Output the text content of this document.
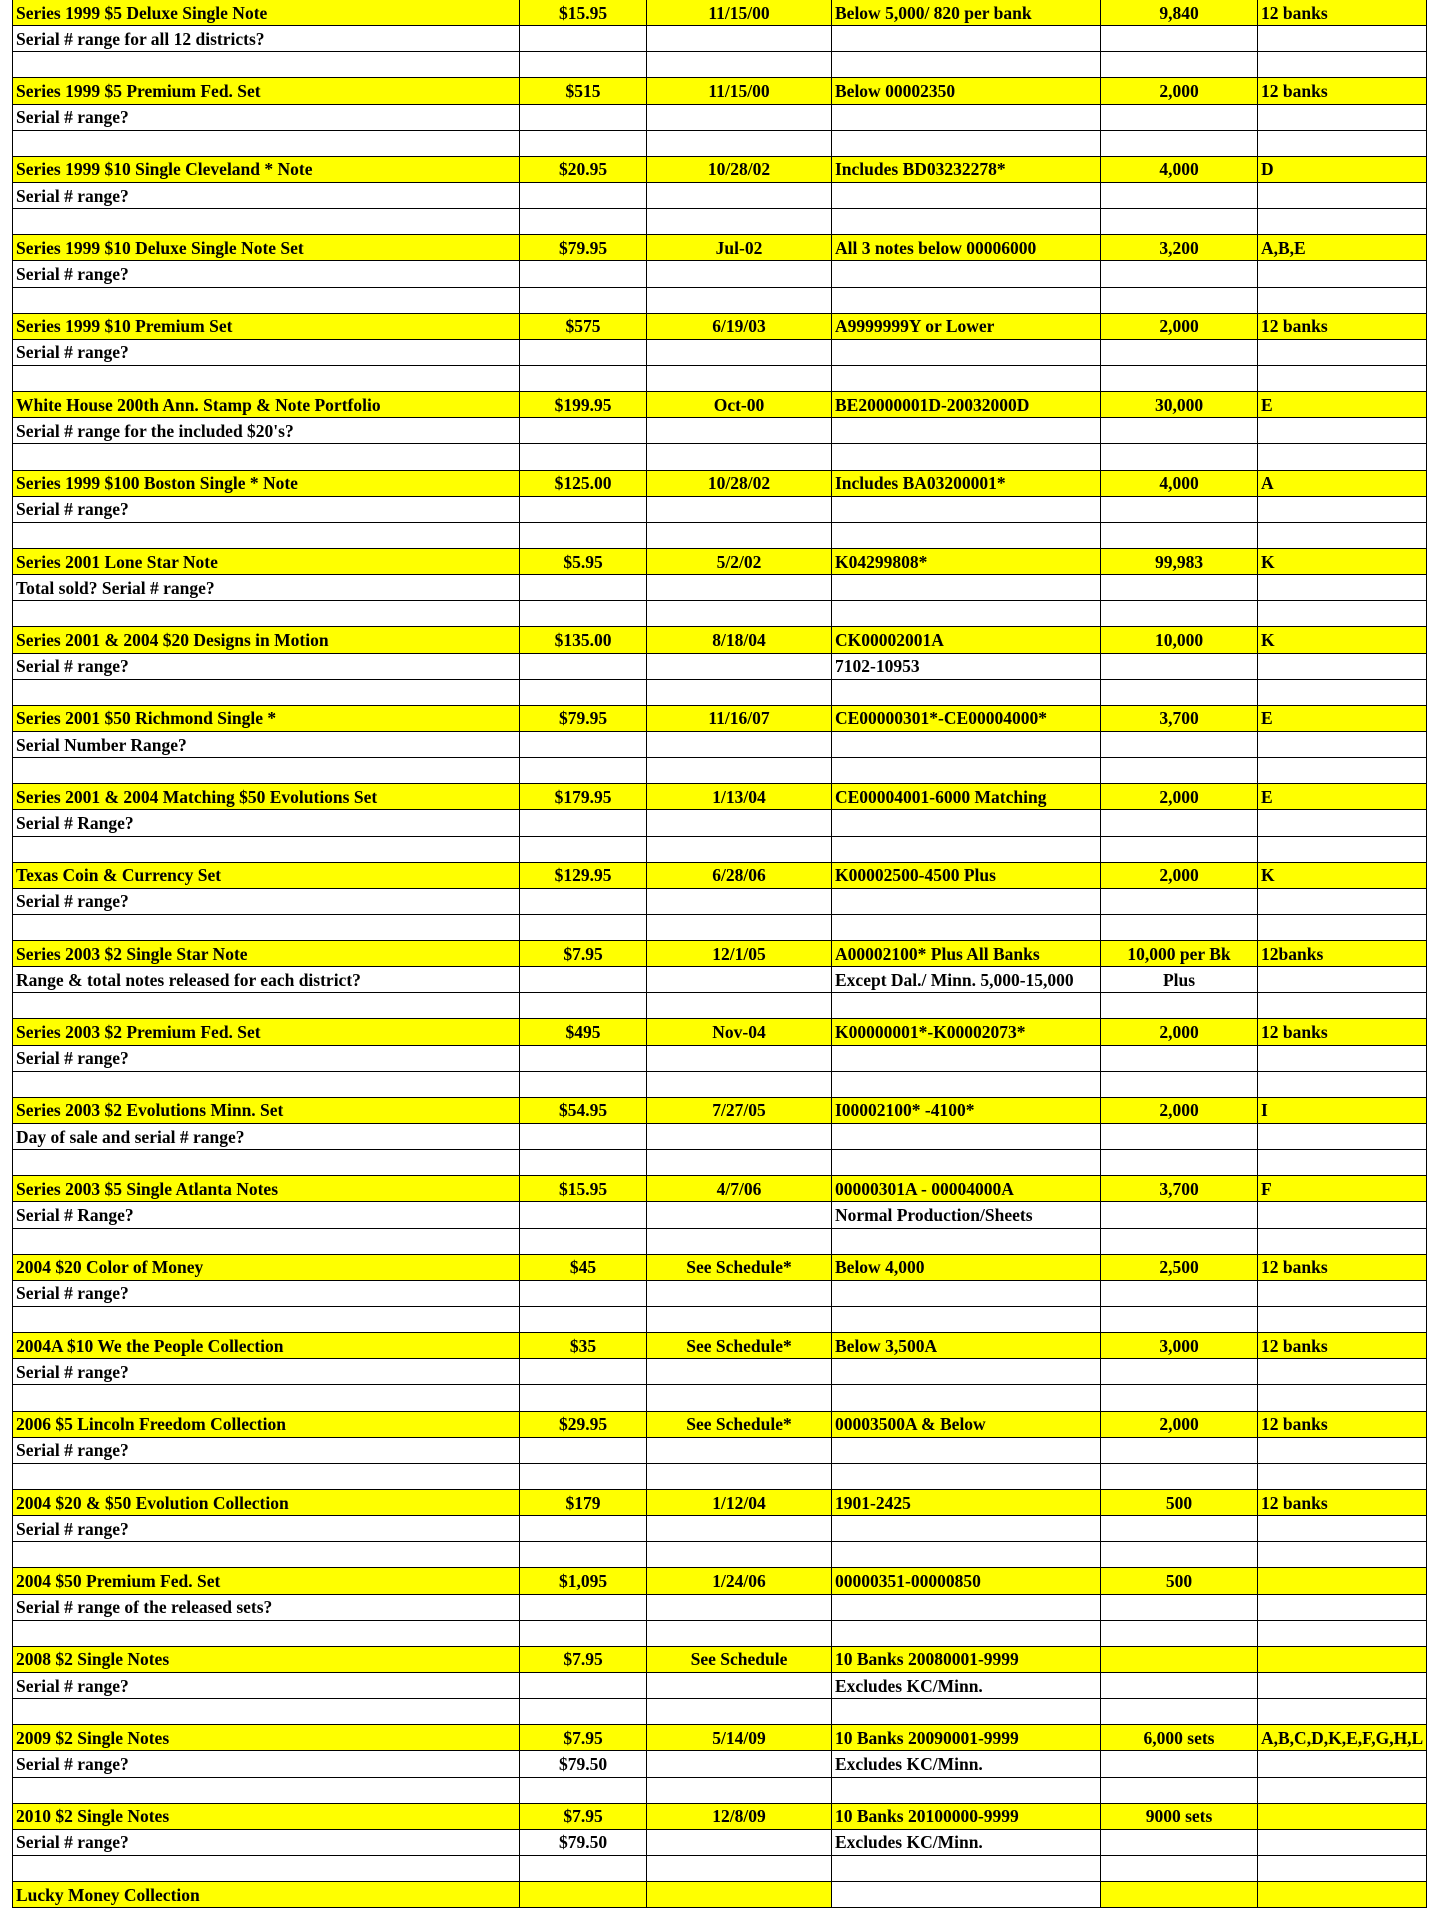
Series 1999 $5 Deluxe Single Note	$15.95	11/15/00	Below 5,000/ 820 per bank	9,840	12 banks
Serial # range for all 12 districts?					

Series 1999 $5 Premium Fed. Set	$515	11/15/00	Below 00002350	2,000	12 banks
Serial # range?					

Series 1999 $10 Single Cleveland * Note	$20.95	10/28/02	Includes BD03232278*	4,000	D
Serial # range?					

Series 1999 $10 Deluxe Single Note Set	$79.95	Jul-02	All 3 notes below 00006000	3,200	A,B,E
Serial # range?					

Series 1999 $10 Premium Set	$575	6/19/03	A9999999Y or Lower	2,000	12 banks
Serial # range?					

White House 200th Ann. Stamp & Note Portfolio	$199.95	Oct-00	BE20000001D-20032000D	30,000	E
Serial # range for the included $20's?					

Series 1999 $100 Boston Single * Note	$125.00	10/28/02	Includes BA03200001*	4,000	A
Serial # range?					

Series 2001 Lone Star Note	$5.95	5/2/02	K04299808*	99,983	K
Total sold? Serial # range?					

Series 2001 & 2004 $20 Designs in Motion	$135.00	8/18/04	CK00002001A	10,000	K
Serial # range?			7102-10953		

Series 2001 $50 Richmond Single *	$79.95	11/16/07	CE00000301*-CE00004000*	3,700	E
Serial Number Range?					

Series 2001 & 2004 Matching $50 Evolutions Set	$179.95	1/13/04	CE00004001-6000 Matching	2,000	E
Serial # Range?					

Texas Coin & Currency Set	$129.95	6/28/06	K00002500-4500 Plus	2,000	K
Serial # range?					

Series 2003 $2 Single Star Note	$7.95	12/1/05	A00002100* Plus All Banks	10,000 per Bk	12banks
Range & total notes released for each district?			Except Dal./ Minn. 5,000-15,000	Plus	

Series 2003 $2 Premium Fed. Set	$495	Nov-04	K00000001*-K00002073*	2,000	12 banks
Serial # range?					

Series 2003 $2 Evolutions Minn. Set	$54.95	7/27/05	I00002100* -4100*	2,000	I
Day of sale and serial # range?					

Series 2003 $5 Single Atlanta Notes	$15.95	4/7/06	00000301A - 00004000A	3,700	F
Serial # Range?			Normal Production/Sheets		

2004 $20 Color of Money	$45	See Schedule*	Below 4,000	2,500	12 banks
Serial # range?					

2004A $10 We the People Collection	$35	See Schedule*	Below 3,500A	3,000	12 banks
Serial # range?					

2006 $5 Lincoln Freedom Collection	$29.95	See Schedule*	00003500A & Below	2,000	12 banks
Serial # range?					

2004 $20 & $50 Evolution Collection	$179	1/12/04	1901-2425	500	12 banks
Serial # range?					

2004 $50 Premium Fed. Set	$1,095	1/24/06	00000351-00000850	500	
Serial # range of the released sets?					

2008 $2 Single Notes	$7.95	See Schedule	10 Banks 20080001-9999		
Serial # range?			Excludes KC/Minn.		

2009 $2 Single Notes	$7.95	5/14/09	10 Banks 20090001-9999	6,000 sets	A,B,C,D,K,E,F,G,H,L
Serial # range?	$79.50		Excludes KC/Minn.		

2010 $2 Single Notes	$7.95	12/8/09	10 Banks 20100000-9999	9000 sets	
Serial # range?	$79.50		Excludes KC/Minn.		

Lucky Money Collection					
